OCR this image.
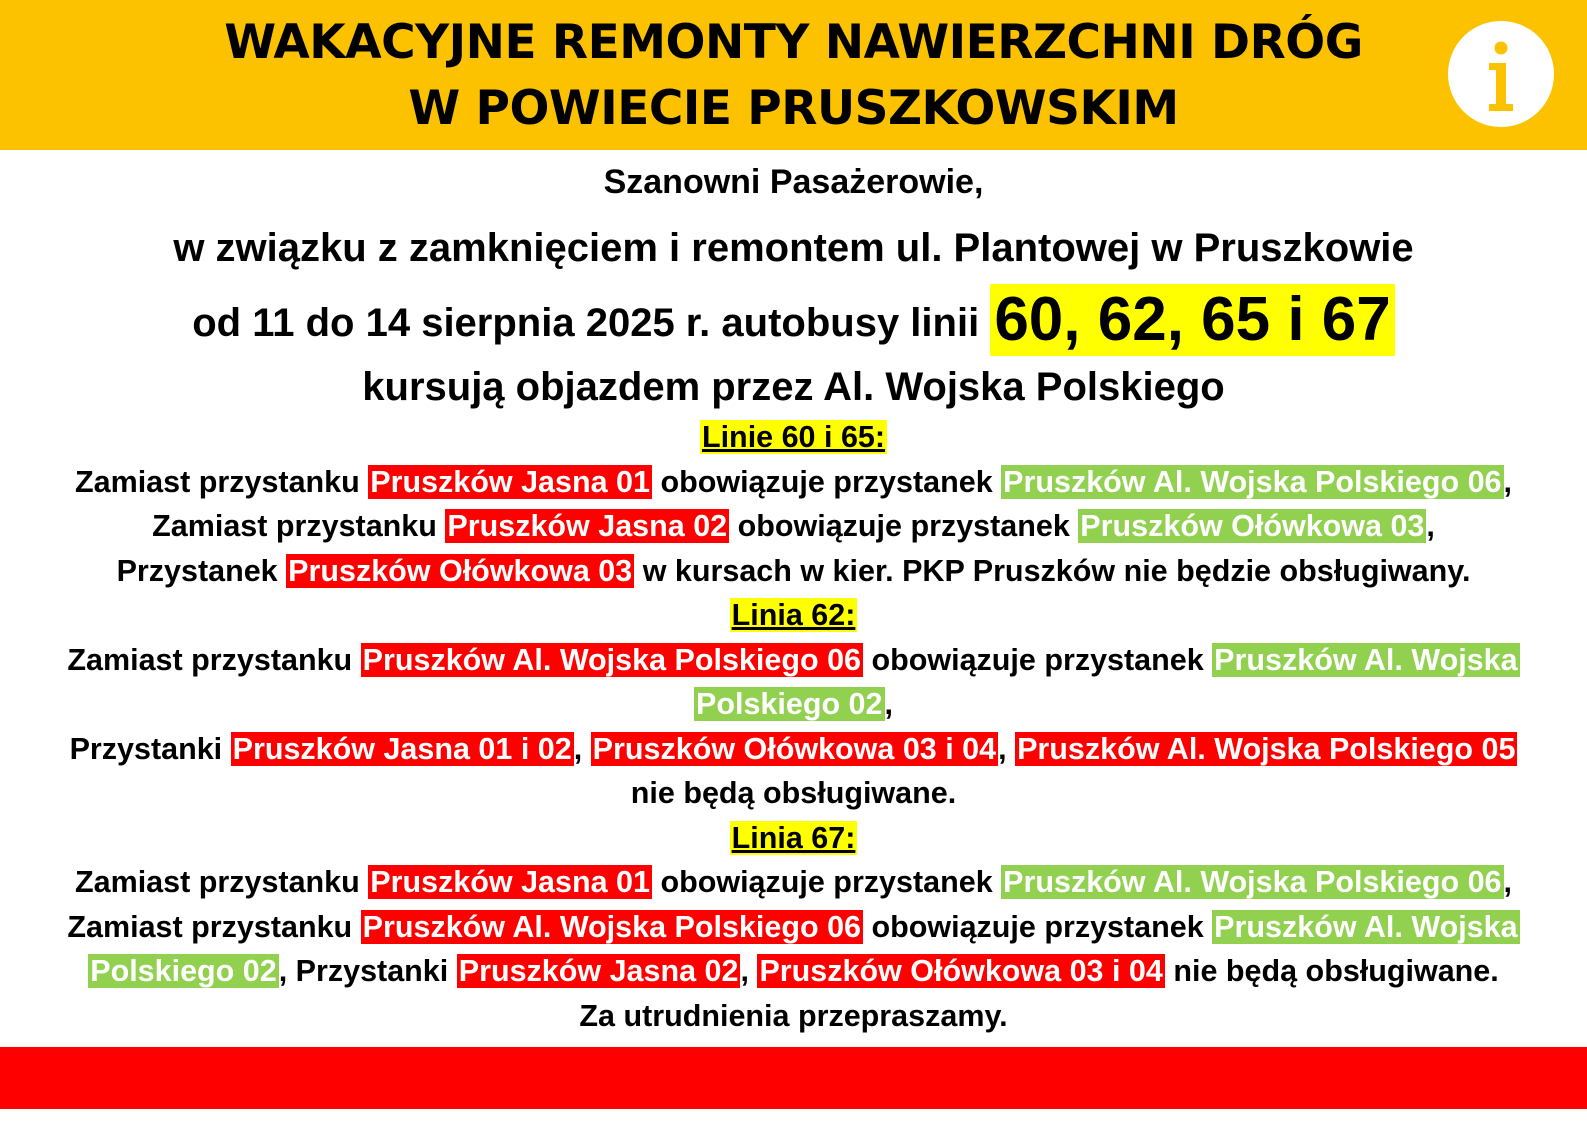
WAKACYJNE REMONTY NAWIERZCHNI DRÓG
W POWIECIE PRUSZKOWSKIM
Szanowni Pasażerowie,
w związku z zamknięciem i remontem ul. Plantowej w Pruszkowie
od 11 do 14 sierpnia 2025 r. autobusy linii 60, 62, 65 i 67
kursują objazdem przez Al. Wojska Polskiego
Linie 60 i 65:
Zamiast przystanku Pruszków Jasna 01 obowiązuje przystanek Pruszków Al. Wojska Polskiego 06,
Zamiast przystanku Pruszków Jasna 02 obowiązuje przystanek Pruszków Ołówkowa 03,
Przystanek Pruszków Ołówkowa 03 w kursach w kier. PKP Pruszków nie będzie obsługiwany.
Linia 62:
Zamiast przystanku Pruszków Al. Wojska Polskiego 06 obowiązuje przystanek Pruszków Al. Wojska
Polskiego 02,
Przystanki Pruszków Jasna 01 i 02, Pruszków Ołówkowa 03 i 04, Pruszków Al. Wojska Polskiego 05
nie będą obsługiwane.
Linia 67:
Zamiast przystanku Pruszków Jasna 01 obowiązuje przystanek Pruszków Al. Wojska Polskiego 06,
Zamiast przystanku Pruszków Al. Wojska Polskiego 06 obowiązuje przystanek Pruszków Al. Wojska
Polskiego 02, Przystanki Pruszków Jasna 02, Pruszków Ołówkowa 03 i 04 nie będą obsługiwane.
Za utrudnienia przepraszamy.
